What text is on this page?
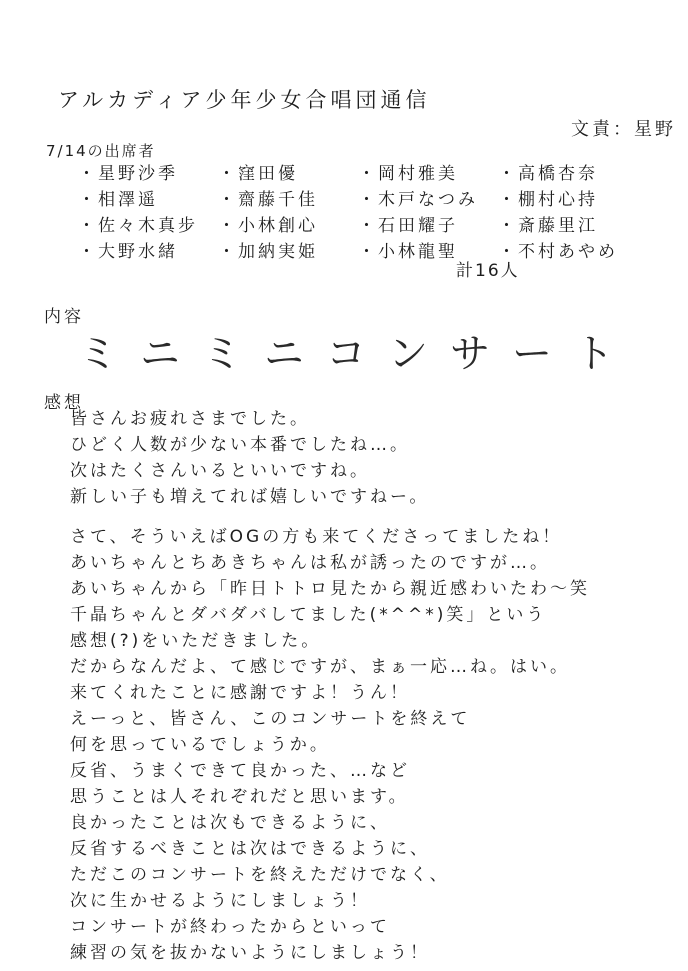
アルカディア少年少女合唱団通信
文責：星野
7/14の出席者
・ 星野沙季	・ 窪田優	・ 岡村雅美	・ 高橋杏奈
・ 相澤遥	・ 齋藤千佳	・ 木戸なつみ	・ 棚村心持
・ 佐々木真步	・ 小林創心	・ 石田耀子	・ 斎藤里江
・ 大野水緒	・ 加納実姫	・ 小林龍聖	・ 不村あやめ
計16人
内容
ミニミニコンサート
感想
皆さんお疲れさまでした。
ひどく人数が少ない本番でしたね…。
次はたくさんいるといいですね。
新しい子も増えてれば嬉しいですねー。
さて、そういえばOGの方も来てくださってましたね！
あいちゃんとちあきちゃんは私が誘ったのですが…。
あいちゃんから「昨日トトロ見たから親近感わいたわ〜笑
千晶ちゃんとダバダバしてました(*^^*)笑」という
感想(?)をいただきました。
だからなんだよ、て感じですが、まぁ一応…ね。はい。
来てくれたことに感謝ですよ！うん！
えーっと、皆さん、このコンサートを終えて
何を思っているでしょうか。
反省、うまくできて良かった、…など
思うことは人それぞれだと思います。
良かったことは次もできるように、
反省するべきことは次はできるように、
ただこのコンサートを終えただけでなく、
次に生かせるようにしましょう！
コンサートが終わったからといって
練習の気を抜かないようにしましょう！
